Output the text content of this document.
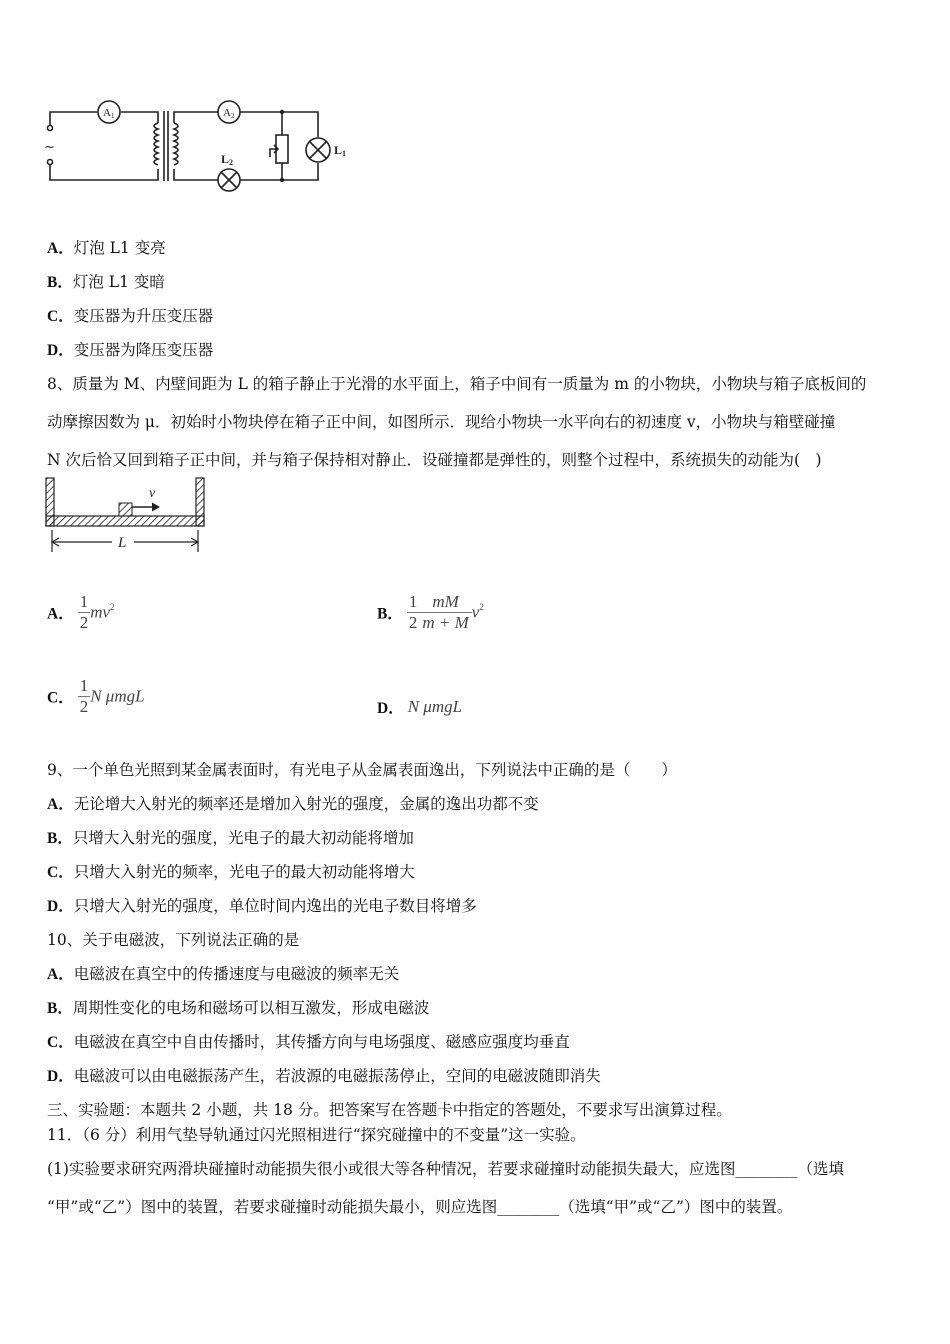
A1	A2
L2
L1
~
A．灯泡 L1 变亮
B．灯泡 L1 变暗
C．变压器为升压变压器
D．变压器为降压变压器
8、质量为 M、内壁间距为 L 的箱子静止于光滑的水平面上，箱子中间有一质量为 m 的小物块，小物块与箱子底板间的
动摩擦因数为 μ．初始时小物块停在箱子正中间，如图所示．现给小物块一水平向右的初速度 v，小物块与箱壁碰撞
N 次后恰又回到箱子正中间，并与箱子保持相对静止．设碰撞都是弹性的，则整个过程中，系统损失的动能为(　)
v
L
A． $\frac{1}{2} mv^2$	B． $\frac{1}{2} \frac{mM}{m + M} v^2$
C． $\frac{1}{2}$ N μmgL
D． N μmgL
9、一个单色光照到某金属表面时，有光电子从金属表面逸出，下列说法中正确的是（　　）
A．无论增大入射光的频率还是增加入射光的强度，金属的逸出功都不变
B．只增大入射光的强度，光电子的最大初动能将增加
C．只增大入射光的频率，光电子的最大初动能将增大
D．只增大入射光的强度，单位时间内逸出的光电子数目将增多
10、关于电磁波，下列说法正确的是
A．电磁波在真空中的传播速度与电磁波的频率无关
B．周期性变化的电场和磁场可以相互激发，形成电磁波
C．电磁波在真空中自由传播时，其传播方向与电场强度、磁感应强度均垂直
D．电磁波可以由电磁振荡产生，若波源的电磁振荡停止，空间的电磁波随即消失
三、实验题：本题共 2 小题，共 18 分。把答案写在答题卡中指定的答题处，不要求写出演算过程。
11．（6 分）利用气垫导轨通过闪光照相进行“探究碰撞中的不变量”这一实验。
(1)实验要求研究两滑块碰撞时动能损失很小或很大等各种情况，若要求碰撞时动能损失最大，应选图________（选填
“甲”或“乙”）图中的装置，若要求碰撞时动能损失最小，则应选图________（选填“甲”或“乙”）图中的装置。
